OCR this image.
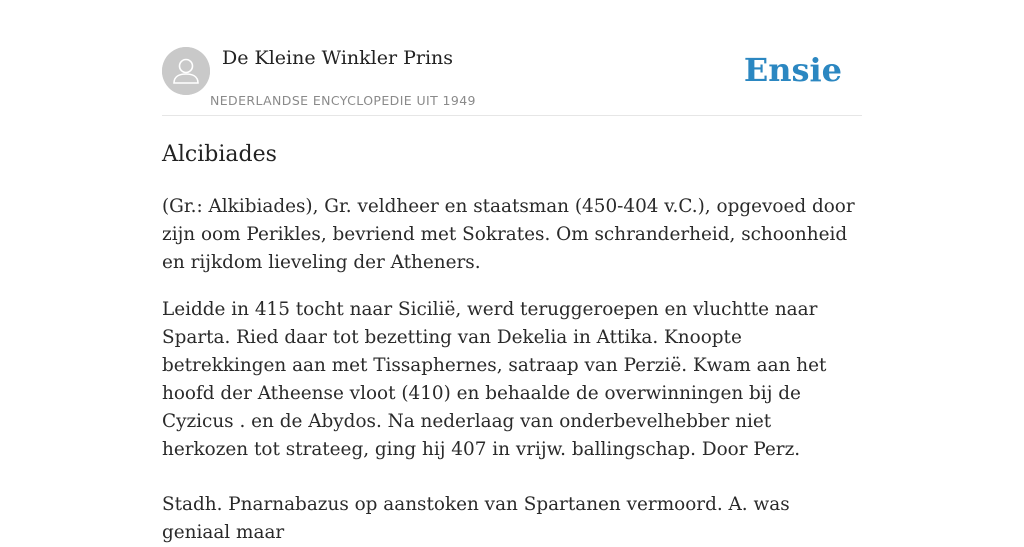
De Kleine Winkler Prins
NEDERLANDSE ENCYCLOPEDIE UIT 1949
Ensie
Alcibiades

(Gr.: Alkibiades), Gr. veldheer en staatsman (450-404 v.C.), opgevoed door zijn oom Perikles, bevriend met Sokrates. Om schranderheid, schoonheid en rijkdom lieveling der Atheners.

Leidde in 415 tocht naar Sicilië, werd teruggeroepen en vluchtte naar Sparta. Ried daar tot bezetting van Dekelia in Attika. Knoopte betrekkingen aan met Tissaphernes, satraap van Perzië. Kwam aan het hoofd der Atheense vloot (410) en behaalde de overwinningen bij de Cyzicus . en de Abydos. Na nederlaag van onderbevelhebber niet herkozen tot strateeg, ging hij 407 in vrijw. ballingschap. Door Perz.

Stadh. Pnarnabazus op aanstoken van Spartanen vermoord. A. was geniaal maar
